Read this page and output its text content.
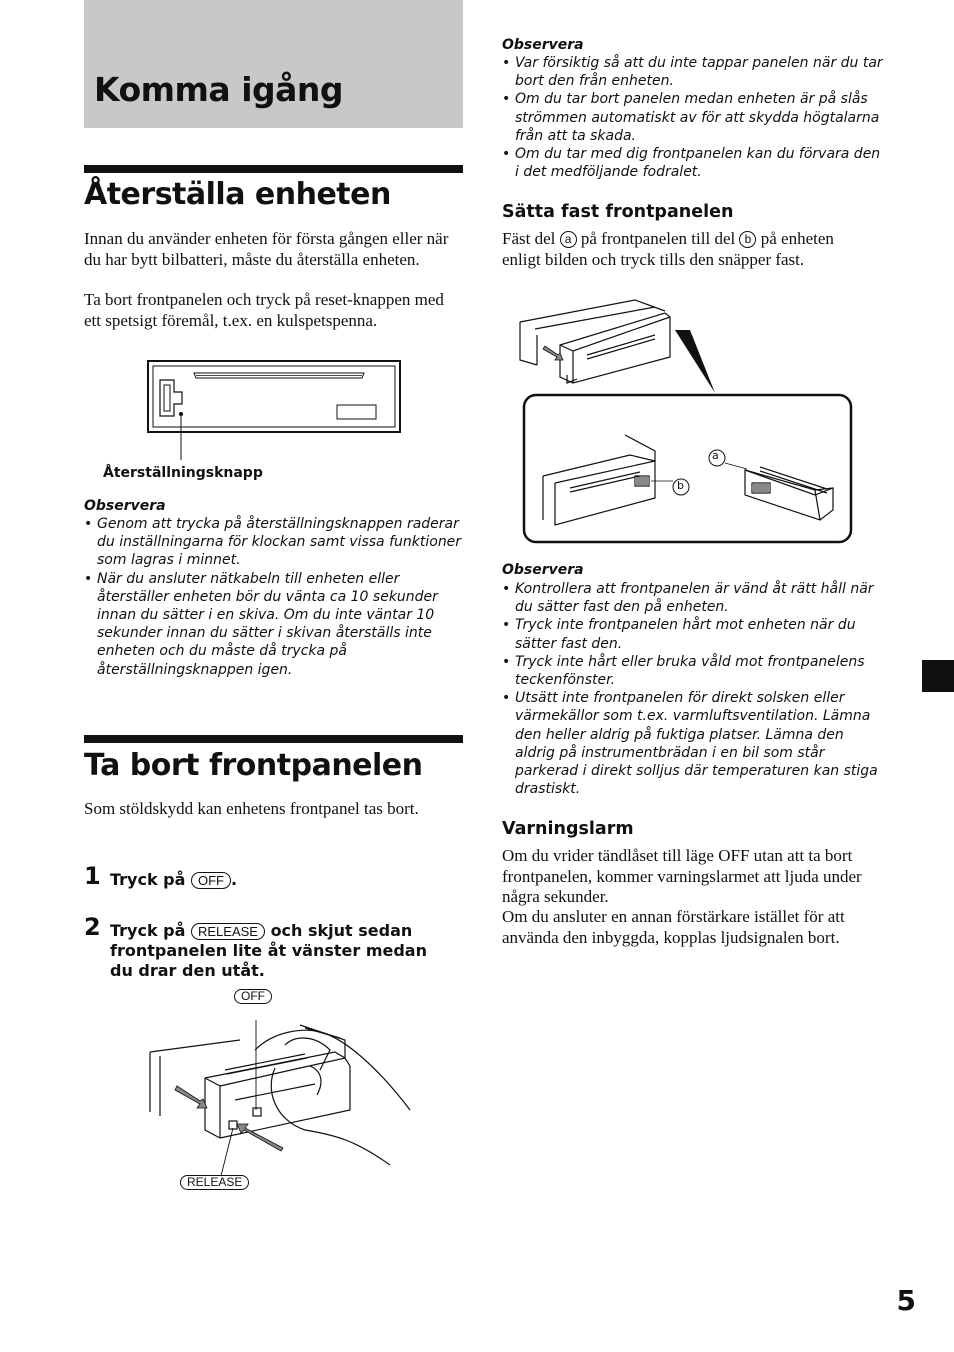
Komma igång
Återställa enheten
Innan du använder enheten för första gången eller när du har bytt bilbatteri, måste du återställa enheten.
Ta bort frontpanelen och tryck på reset-knappen med ett spetsigt föremål, t.ex. en kulspetspenna.
Återställningsknapp
Observera
• Genom att trycka på återställningsknappen raderar du inställningarna för klockan samt vissa funktioner som lagras i minnet.
• När du ansluter nätkabeln till enheten eller återställer enheten bör du vänta ca 10 sekunder innan du sätter i en skiva. Om du inte väntar 10 sekunder innan du sätter i skivan återställs inte enheten och du måste då trycka på återställningsknappen igen.
Ta bort frontpanelen
Som stöldskydd kan enhetens frontpanel tas bort.
1 Tryck på OFF .
2 Tryck på RELEASE och skjut sedan frontpanelen lite åt vänster medan du drar den utåt.
OFF
RELEASE
Observera
• Var försiktig så att du inte tappar panelen när du tar bort den från enheten.
• Om du tar bort panelen medan enheten är på slås strömmen automatiskt av för att skydda högtalarna från att ta skada.
• Om du tar med dig frontpanelen kan du förvara den i det medföljande fodralet.
Sätta fast frontpanelen
Fäst del a på frontpanelen till del b på enheten enligt bilden och tryck tills den snäpper fast.
a
b
Observera
• Kontrollera att frontpanelen är vänd åt rätt håll när du sätter fast den på enheten.
• Tryck inte frontpanelen hårt mot enheten när du sätter fast den.
• Tryck inte hårt eller bruka våld mot frontpanelens teckenfönster.
• Utsätt inte frontpanelen för direkt solsken eller värmekällor som t.ex. varmluftsventilation. Lämna den heller aldrig på fuktiga platser. Lämna den aldrig på instrumentbrädan i en bil som står parkerad i direkt solljus där temperaturen kan stiga drastiskt.
Varningslarm
Om du vrider tändlåset till läge OFF utan att ta bort frontpanelen, kommer varningslarmet att ljuda under några sekunder.
Om du ansluter en annan förstärkare istället för att använda den inbyggda, kopplas ljudsignalen bort.
5
